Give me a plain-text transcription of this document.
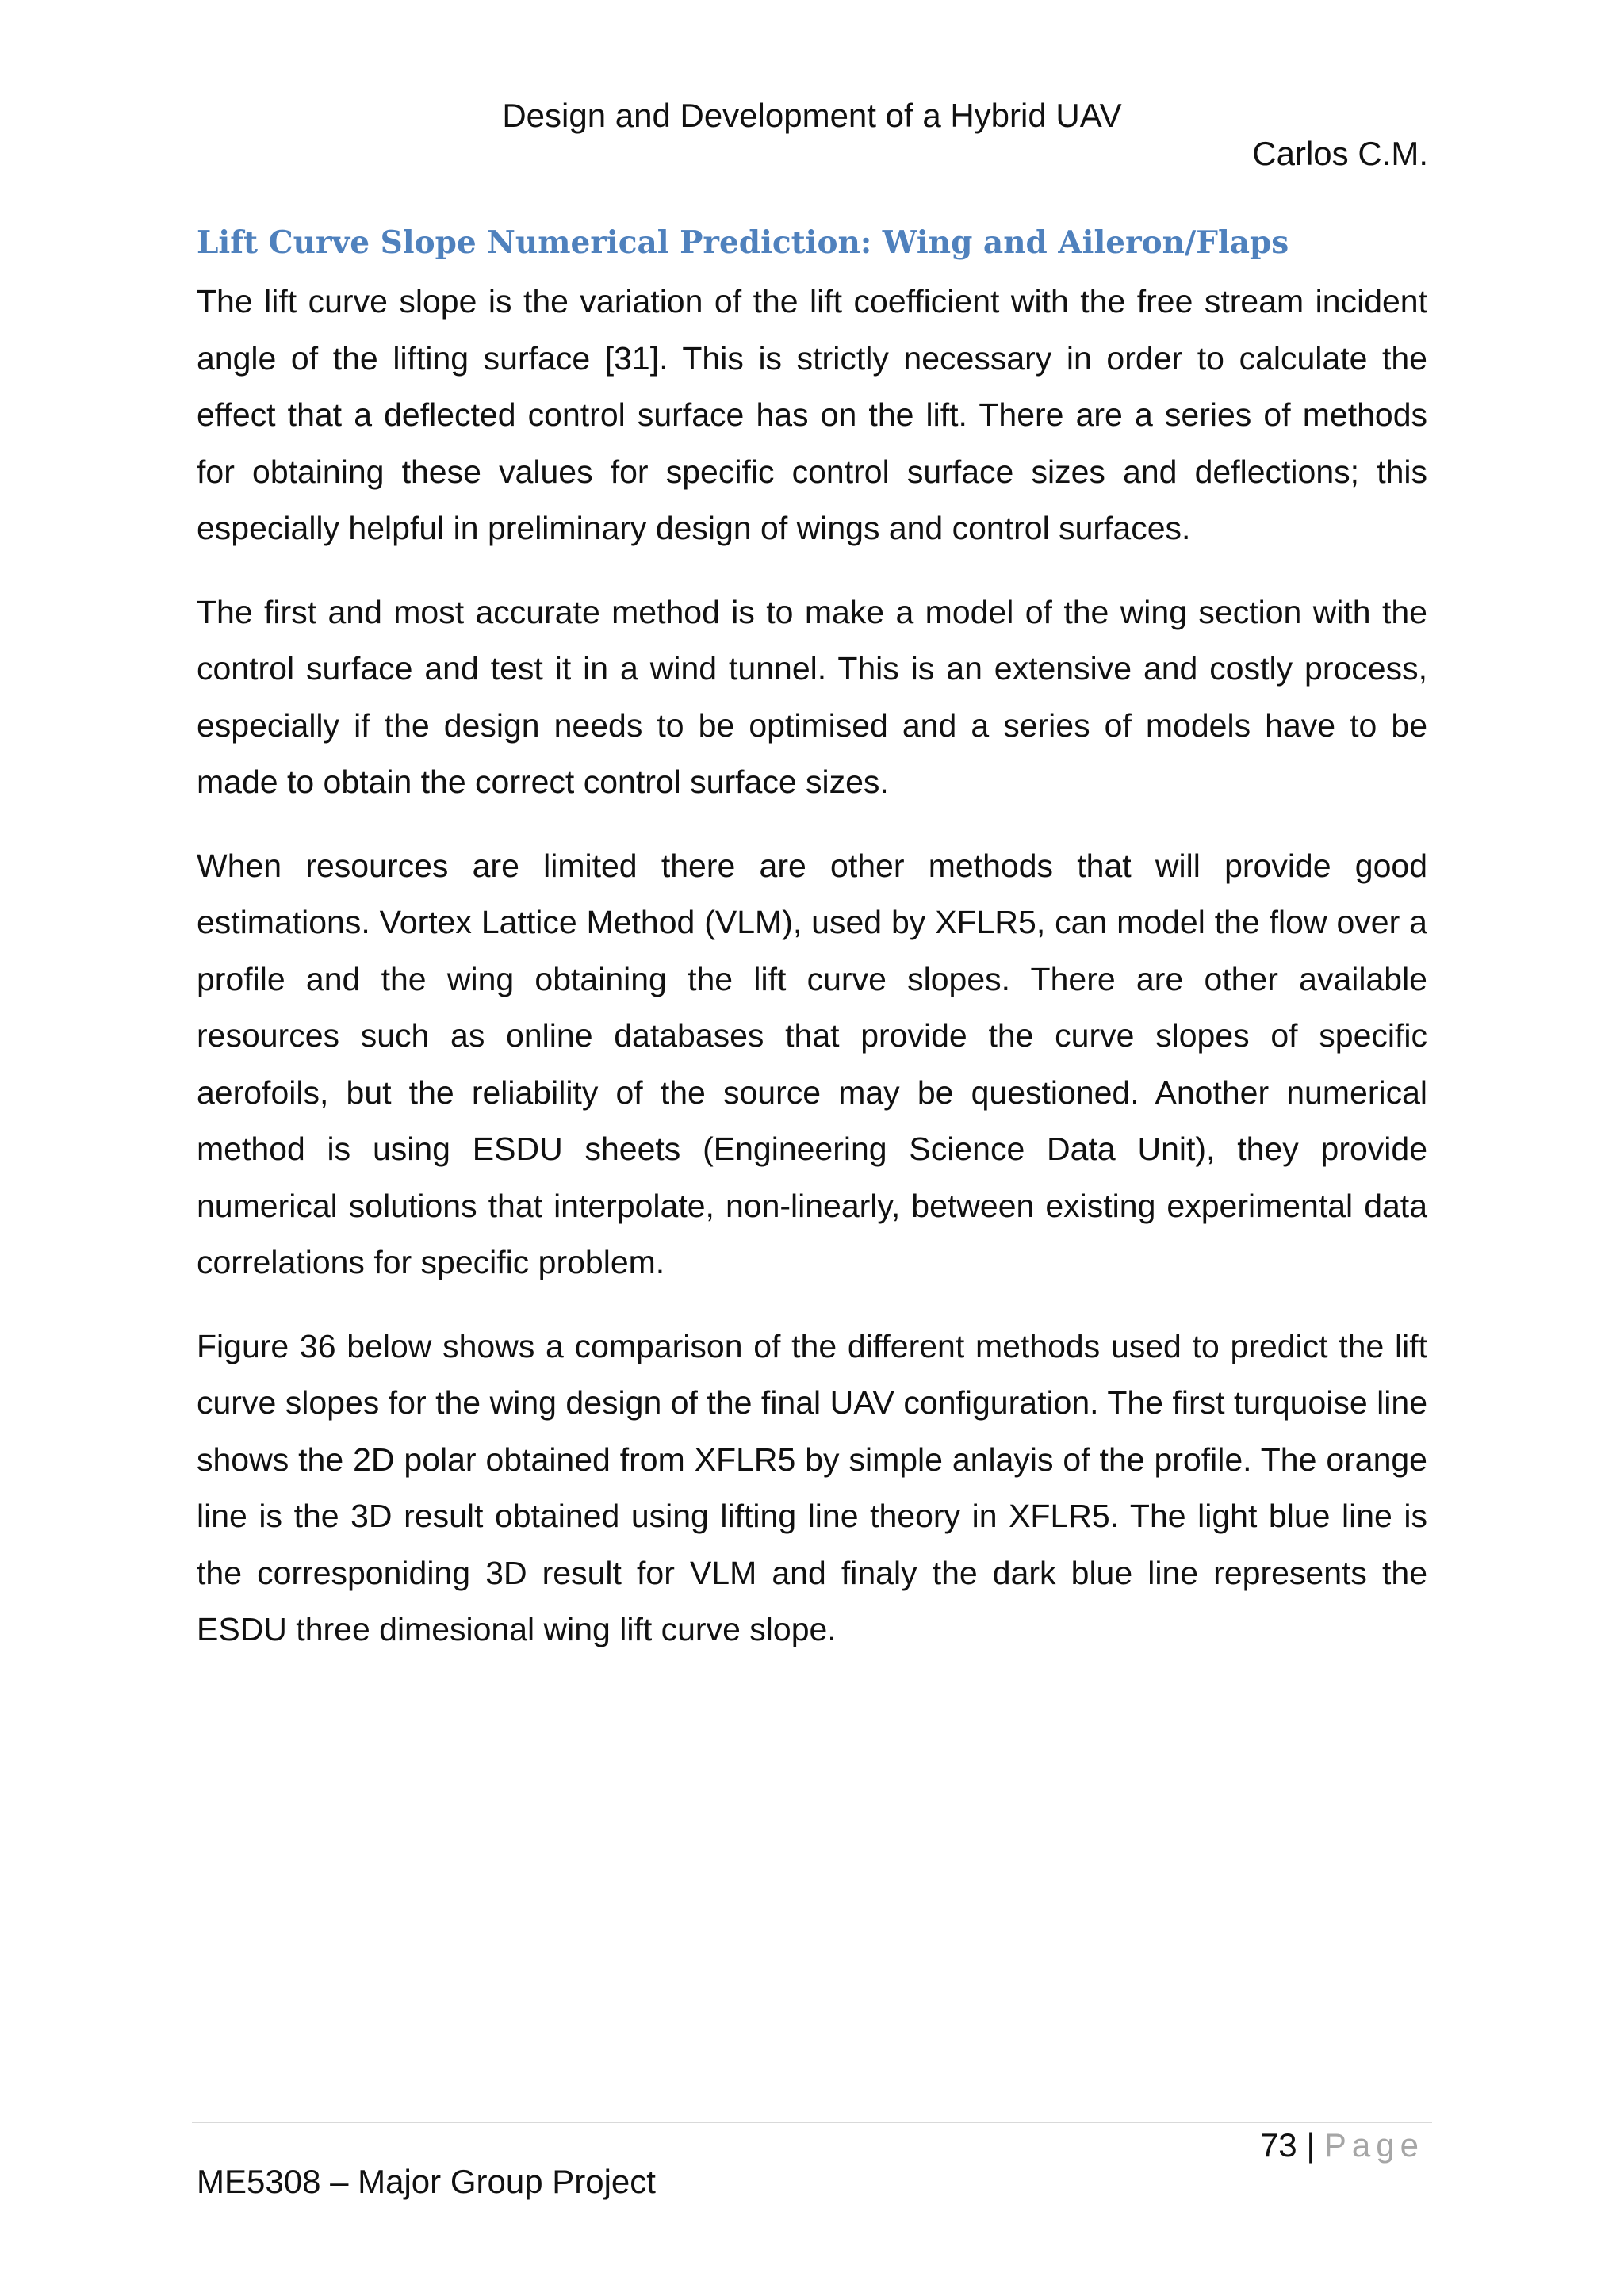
Design and Development of a Hybrid UAV
Carlos C.M.
Lift Curve Slope Numerical Prediction: Wing and Aileron/Flaps

The lift curve slope is the variation of the lift coefficient with the free stream incident angle of the lifting surface [31]. This is strictly necessary in order to calculate the effect that a deflected control surface has on the lift. There are a series of methods for obtaining these values for specific control surface sizes and deflections; this especially helpful in preliminary design of wings and control surfaces.

The first and most accurate method is to make a model of the wing section with the control surface and test it in a wind tunnel. This is an extensive and costly process, especially if the design needs to be optimised and a series of models have to be made to obtain the correct control surface sizes.

When resources are limited there are other methods that will provide good estimations. Vortex Lattice Method (VLM), used by XFLR5, can model the flow over a profile and the wing obtaining the lift curve slopes. There are other available resources such as online databases that provide the curve slopes of specific aerofoils, but the reliability of the source may be questioned. Another numerical method is using ESDU sheets (Engineering Science Data Unit), they provide numerical solutions that interpolate, non-linearly, between existing experimental data correlations for specific problem.

Figure 36 below shows a comparison of the different methods used to predict the lift curve slopes for the wing design of the final UAV configuration. The first turquoise line shows the 2D polar obtained from XFLR5 by simple anlayis of the profile. The orange line is the 3D result obtained using lifting line theory in XFLR5. The light blue line is the corresponiding 3D result for VLM and finaly the dark blue line represents the ESDU three dimesional wing lift curve slope.

73 | Page
ME5308 – Major Group Project
